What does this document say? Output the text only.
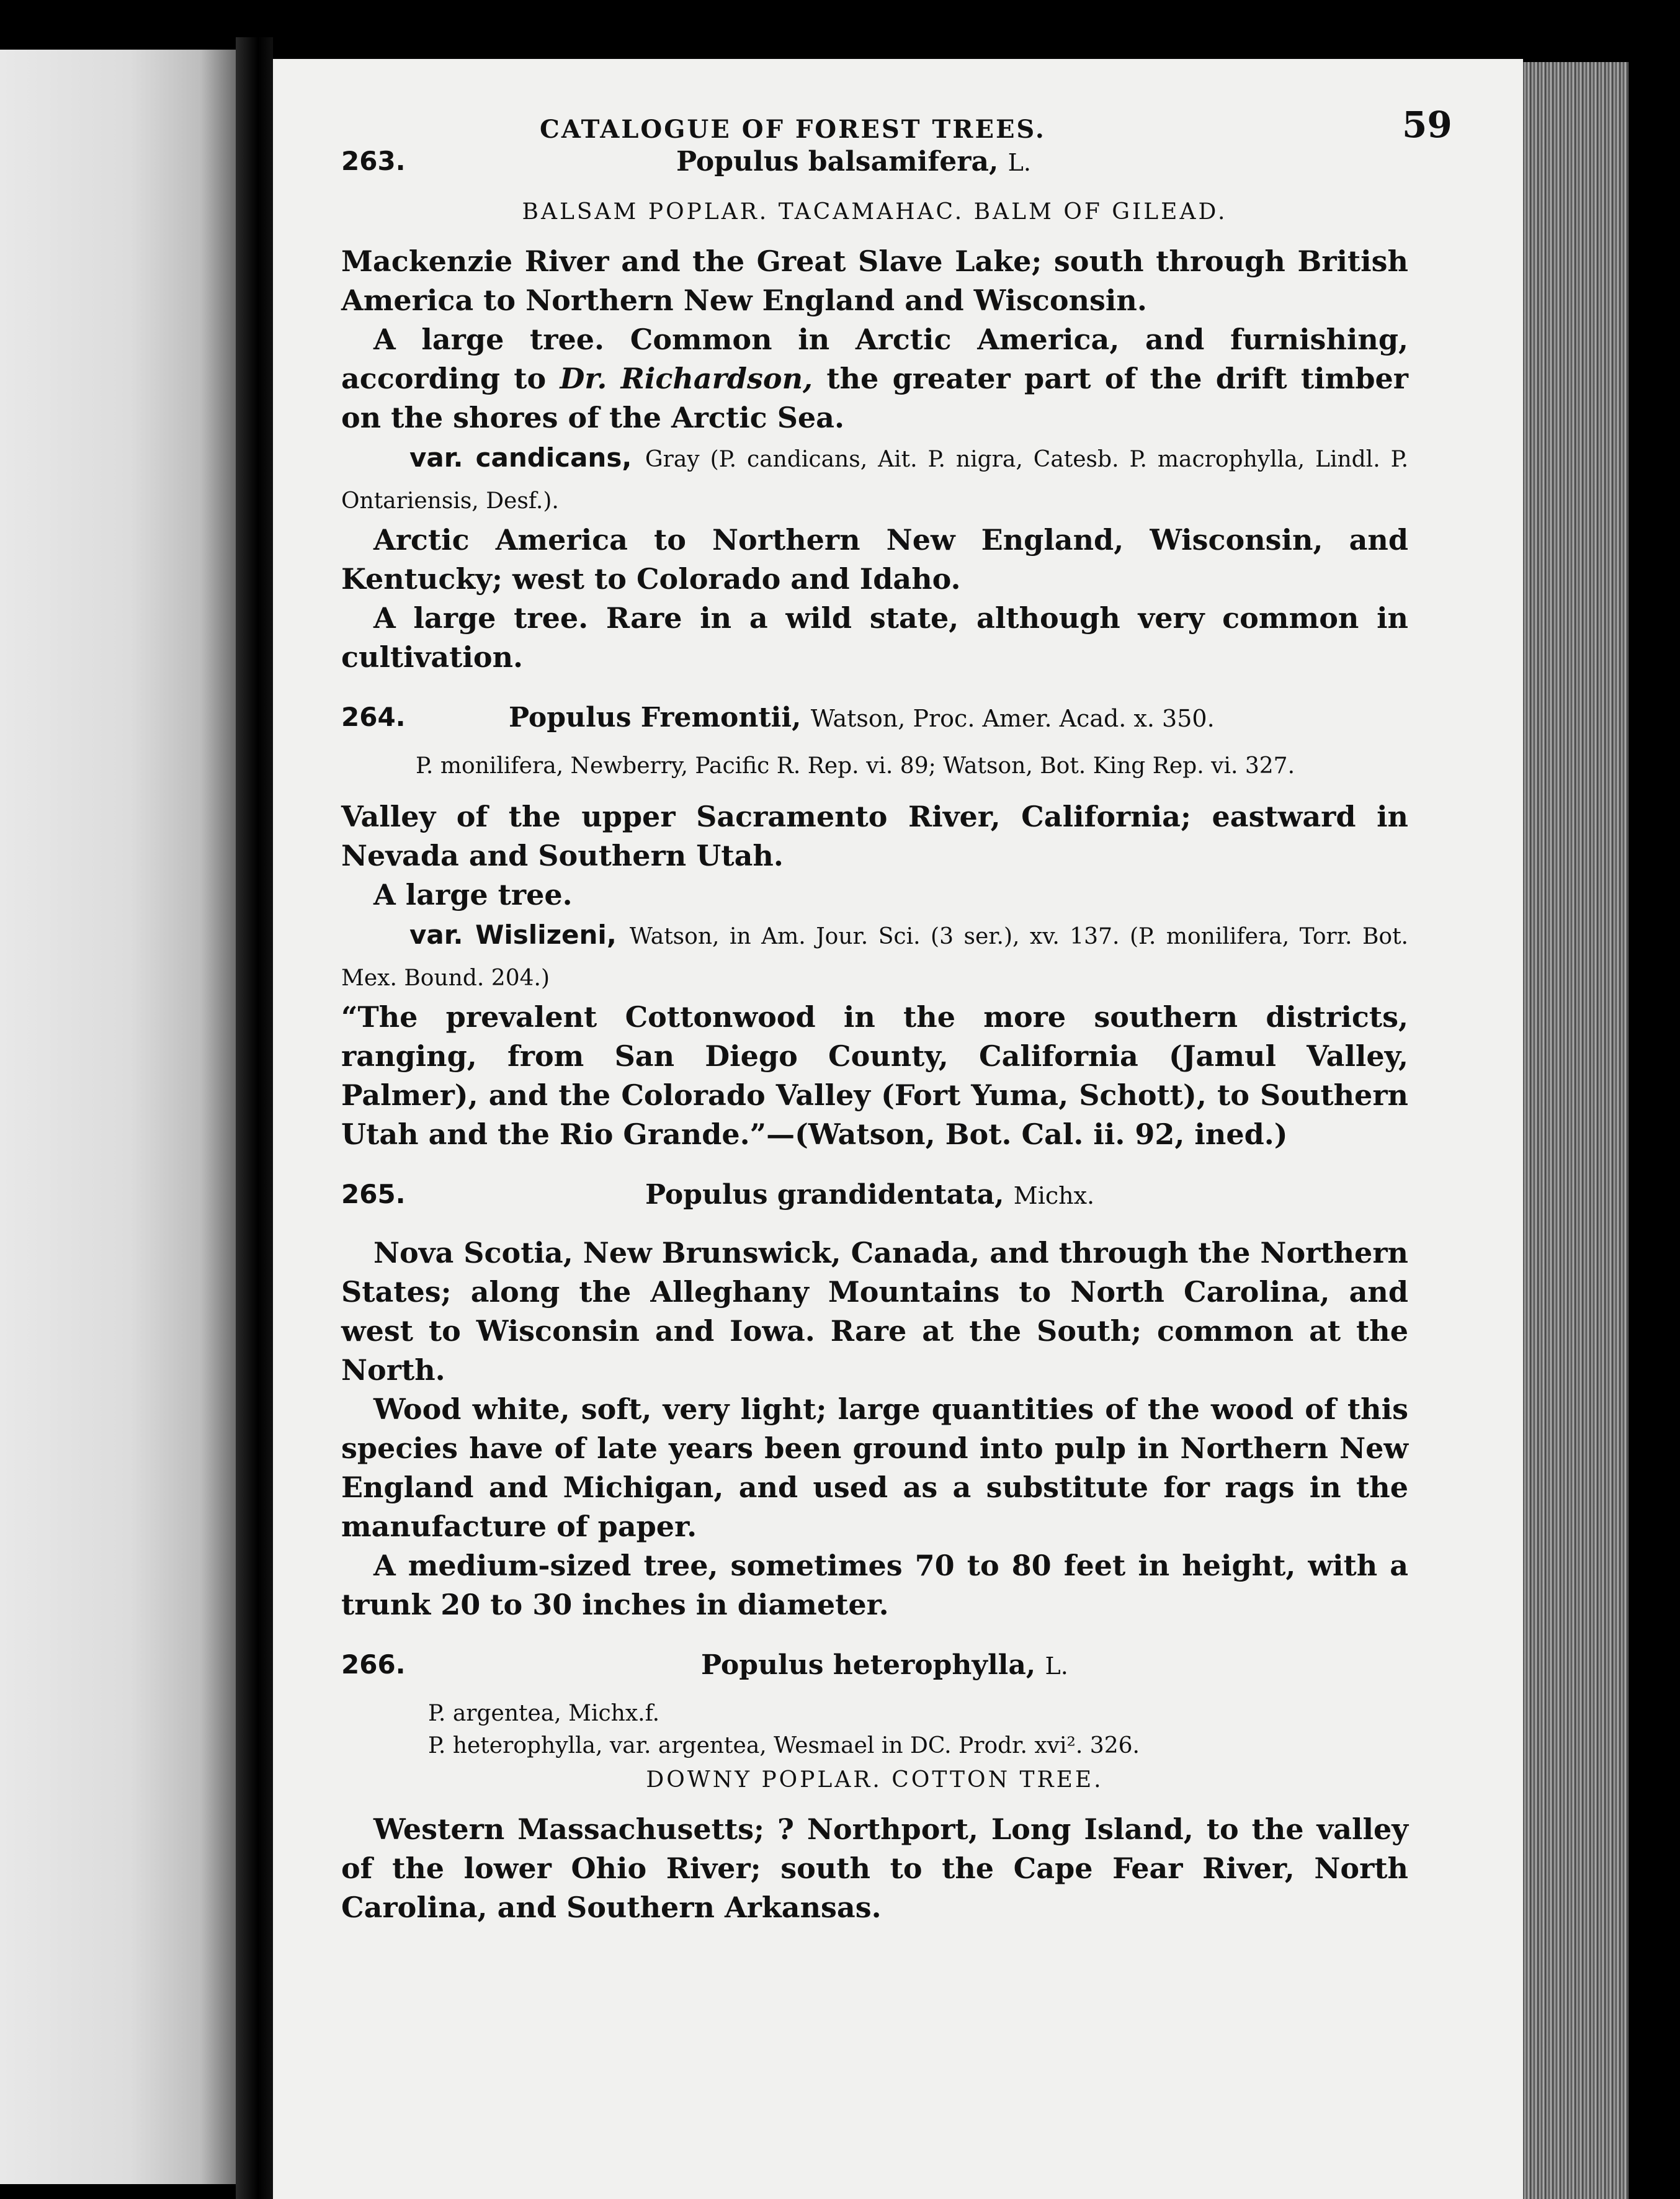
CATALOGUE OF FOREST TREES.	59
263.	Populus balsamifera, L.
BALSAM POPLAR. TACAMAHAC. BALM OF GILEAD.

Mackenzie River and the Great Slave Lake; south through British America to Northern New England and Wisconsin.

A large tree. Common in Arctic America, and furnishing, according to Dr. Richardson, the greater part of the drift timber on the shores of the Arctic Sea.

var. candicans, Gray (P. candicans, Ait. P. nigra, Catesb. P. macrophylla, Lindl. P. Ontariensis, Desf.).

Arctic America to Northern New England, Wisconsin, and Kentucky; west to Colorado and Idaho.

A large tree. Rare in a wild state, although very common in cultivation.

264.	Populus Fremontii, Watson, Proc. Amer. Acad. x. 350.
P. monilifera, Newberry, Pacific R. Rep. vi. 89; Watson, Bot. King Rep. vi. 327.

Valley of the upper Sacramento River, California; eastward in Nevada and Southern Utah.

A large tree.

var. Wislizeni, Watson, in Am. Jour. Sci. (3 ser.), xv. 137. (P. monilifera, Torr. Bot. Mex. Bound. 204.)

“The prevalent Cottonwood in the more southern districts, ranging, from San Diego County, California (Jamul Valley, Palmer), and the Colorado Valley (Fort Yuma, Schott), to Southern Utah and the Rio Grande.”—(Watson, Bot. Cal. ii. 92, ined.)

265.	Populus grandidentata, Michx.

Nova Scotia, New Brunswick, Canada, and through the Northern States; along the Alleghany Mountains to North Carolina, and west to Wisconsin and Iowa. Rare at the South; common at the North.

Wood white, soft, very light; large quantities of the wood of this species have of late years been ground into pulp in Northern New England and Michigan, and used as a substitute for rags in the manufacture of paper.

A medium-sized tree, sometimes 70 to 80 feet in height, with a trunk 20 to 30 inches in diameter.

266.	Populus heterophylla, L.
P. argentea, Michx.f.
P. heterophylla, var. argentea, Wesmael in DC. Prodr. xvi². 326.
DOWNY POPLAR. COTTON TREE.

Western Massachusetts; ? Northport, Long Island, to the valley of the lower Ohio River; south to the Cape Fear River, North Carolina, and Southern Arkansas.
